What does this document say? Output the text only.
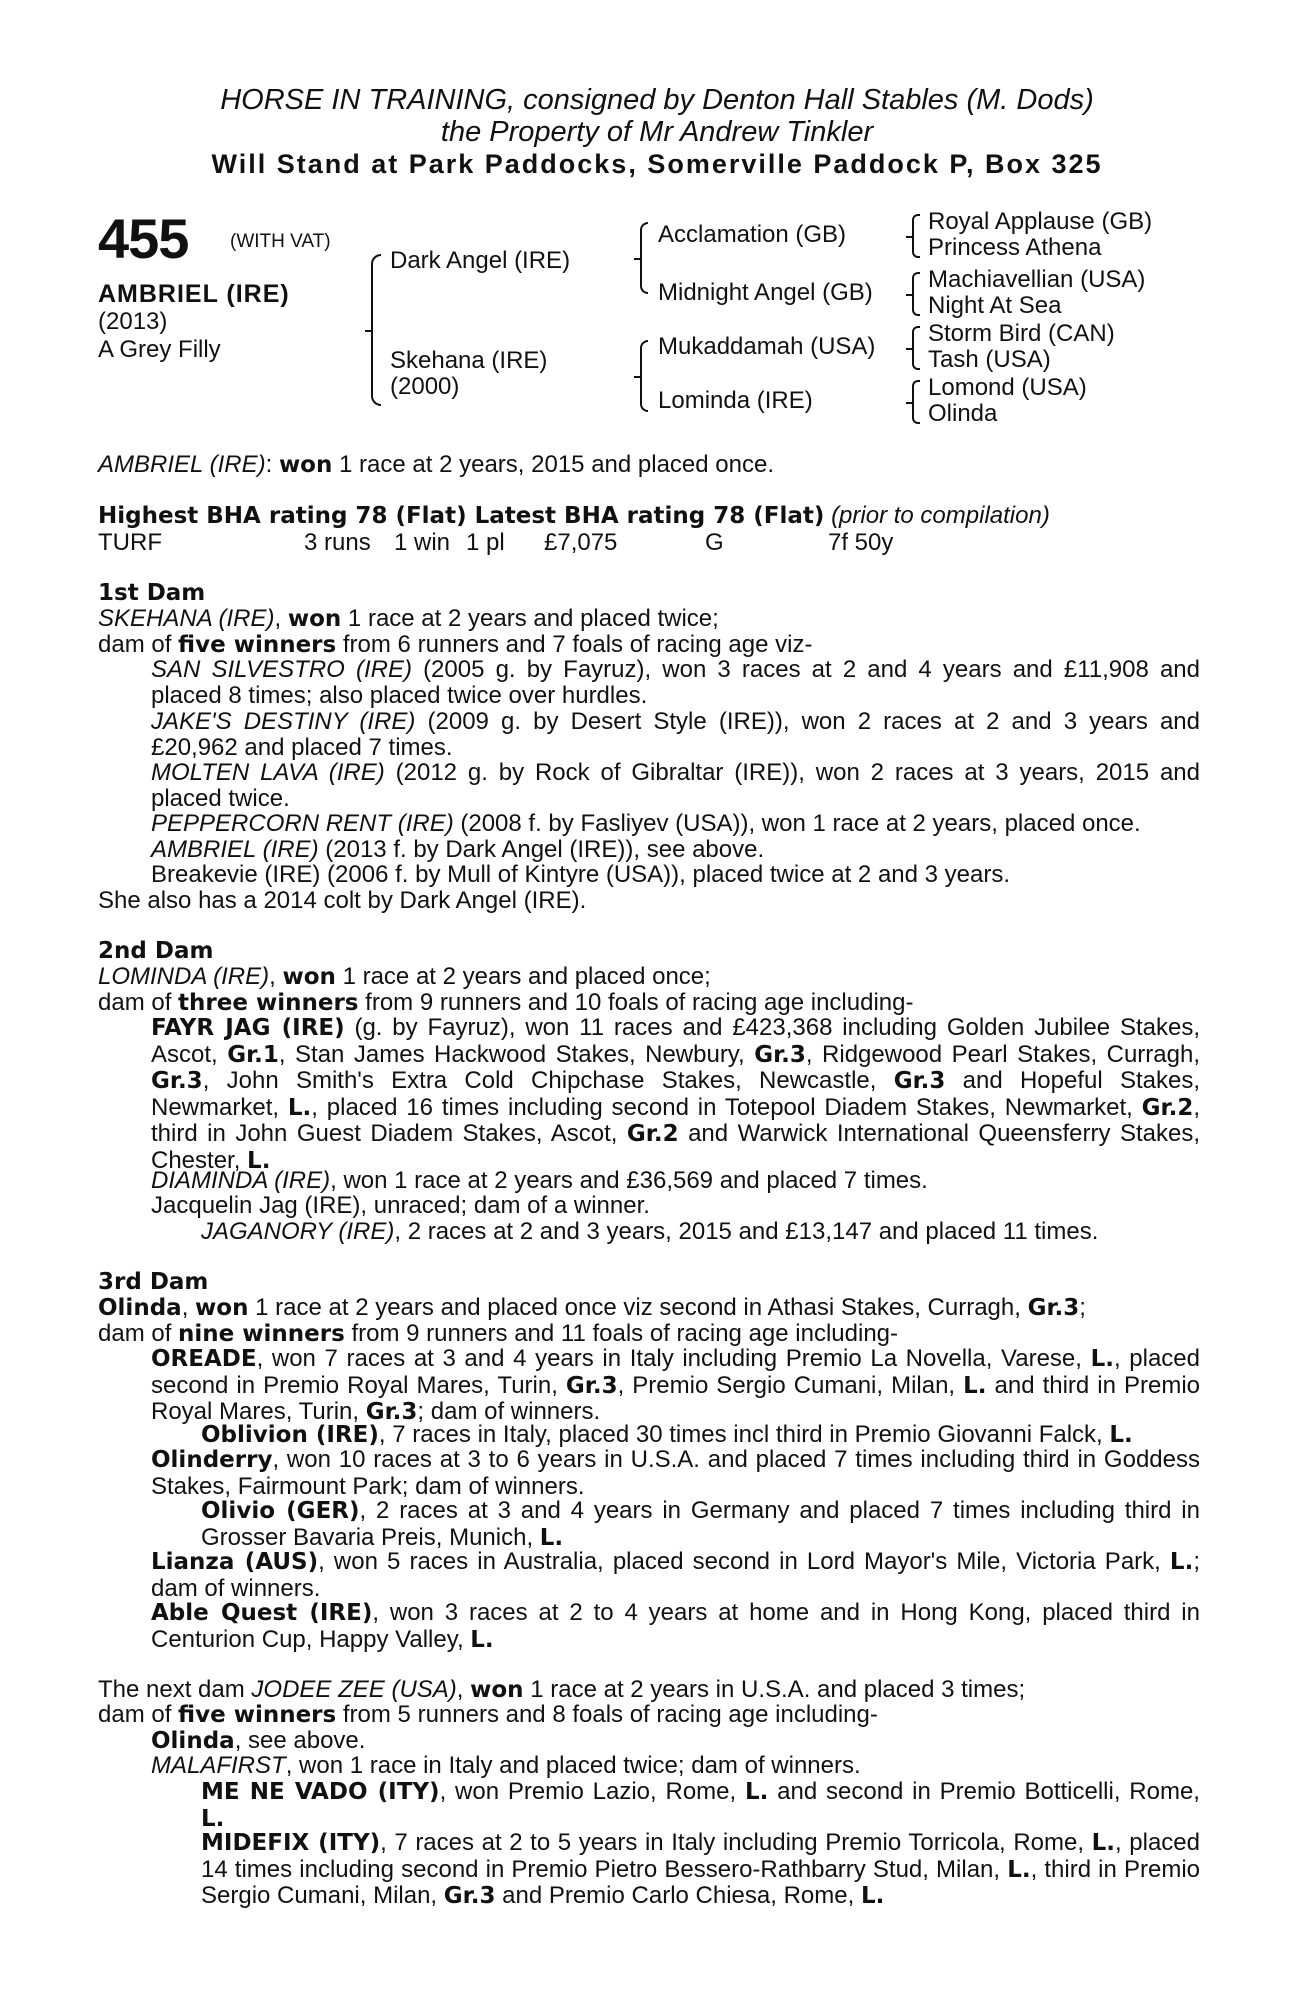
HORSE IN TRAINING, consigned by Denton Hall Stables (M. Dods)
the Property of Mr Andrew Tinkler
Will Stand at Park Paddocks, Somerville Paddock P, Box 325
455 (WITH VAT)
AMBRIEL (IRE)
(2013)
A Grey Filly
Dark Angel (IRE)
Skehana (IRE)
(2000)
Acclamation (GB)
Midnight Angel (GB)
Mukaddamah (USA)
Lominda (IRE)
Royal Applause (GB)
Princess Athena
Machiavellian (USA)
Night At Sea
Storm Bird (CAN)
Tash (USA)
Lomond (USA)
Olinda
AMBRIEL (IRE): won 1 race at 2 years, 2015 and placed once.
Highest BHA rating 78 (Flat) Latest BHA rating 78 (Flat) (prior to compilation)
TURF	3 runs 1 win 1 pl £7,075	G	7f 50y
1st Dam
SKEHANA (IRE), won 1 race at 2 years and placed twice;
dam of five winners from 6 runners and 7 foals of racing age viz-
SAN SILVESTRO (IRE) (2005 g. by Fayruz), won 3 races at 2 and 4 years and £11,908 and placed 8 times; also placed twice over hurdles.
JAKE'S DESTINY (IRE) (2009 g. by Desert Style (IRE)), won 2 races at 2 and 3 years and £20,962 and placed 7 times.
MOLTEN LAVA (IRE) (2012 g. by Rock of Gibraltar (IRE)), won 2 races at 3 years, 2015 and placed twice.
PEPPERCORN RENT (IRE) (2008 f. by Fasliyev (USA)), won 1 race at 2 years, placed once.
AMBRIEL (IRE) (2013 f. by Dark Angel (IRE)), see above.
Breakevie (IRE) (2006 f. by Mull of Kintyre (USA)), placed twice at 2 and 3 years.
She also has a 2014 colt by Dark Angel (IRE).
2nd Dam
LOMINDA (IRE), won 1 race at 2 years and placed once;
dam of three winners from 9 runners and 10 foals of racing age including-
FAYR JAG (IRE) (g. by Fayruz), won 11 races and £423,368 including Golden Jubilee Stakes, Ascot, Gr.1, Stan James Hackwood Stakes, Newbury, Gr.3, Ridgewood Pearl Stakes, Curragh, Gr.3, John Smith's Extra Cold Chipchase Stakes, Newcastle, Gr.3 and Hopeful Stakes, Newmarket, L., placed 16 times including second in Totepool Diadem Stakes, Newmarket, Gr.2, third in John Guest Diadem Stakes, Ascot, Gr.2 and Warwick International Queensferry Stakes, Chester, L.
DIAMINDA (IRE), won 1 race at 2 years and £36,569 and placed 7 times.
Jacquelin Jag (IRE), unraced; dam of a winner.
JAGANORY (IRE), 2 races at 2 and 3 years, 2015 and £13,147 and placed 11 times.
3rd Dam
Olinda, won 1 race at 2 years and placed once viz second in Athasi Stakes, Curragh, Gr.3;
dam of nine winners from 9 runners and 11 foals of racing age including-
OREADE, won 7 races at 3 and 4 years in Italy including Premio La Novella, Varese, L., placed second in Premio Royal Mares, Turin, Gr.3, Premio Sergio Cumani, Milan, L. and third in Premio Royal Mares, Turin, Gr.3; dam of winners.
Oblivion (IRE), 7 races in Italy, placed 30 times incl third in Premio Giovanni Falck, L.
Olinderry, won 10 races at 3 to 6 years in U.S.A. and placed 7 times including third in Goddess Stakes, Fairmount Park; dam of winners.
Olivio (GER), 2 races at 3 and 4 years in Germany and placed 7 times including third in Grosser Bavaria Preis, Munich, L.
Lianza (AUS), won 5 races in Australia, placed second in Lord Mayor's Mile, Victoria Park, L.; dam of winners.
Able Quest (IRE), won 3 races at 2 to 4 years at home and in Hong Kong, placed third in Centurion Cup, Happy Valley, L.
The next dam JODEE ZEE (USA), won 1 race at 2 years in U.S.A. and placed 3 times;
dam of five winners from 5 runners and 8 foals of racing age including-
Olinda, see above.
MALAFIRST, won 1 race in Italy and placed twice; dam of winners.
ME NE VADO (ITY), won Premio Lazio, Rome, L. and second in Premio Botticelli, Rome, L.
MIDEFIX (ITY), 7 races at 2 to 5 years in Italy including Premio Torricola, Rome, L., placed 14 times including second in Premio Pietro Bessero-Rathbarry Stud, Milan, L., third in Premio Sergio Cumani, Milan, Gr.3 and Premio Carlo Chiesa, Rome, L.
